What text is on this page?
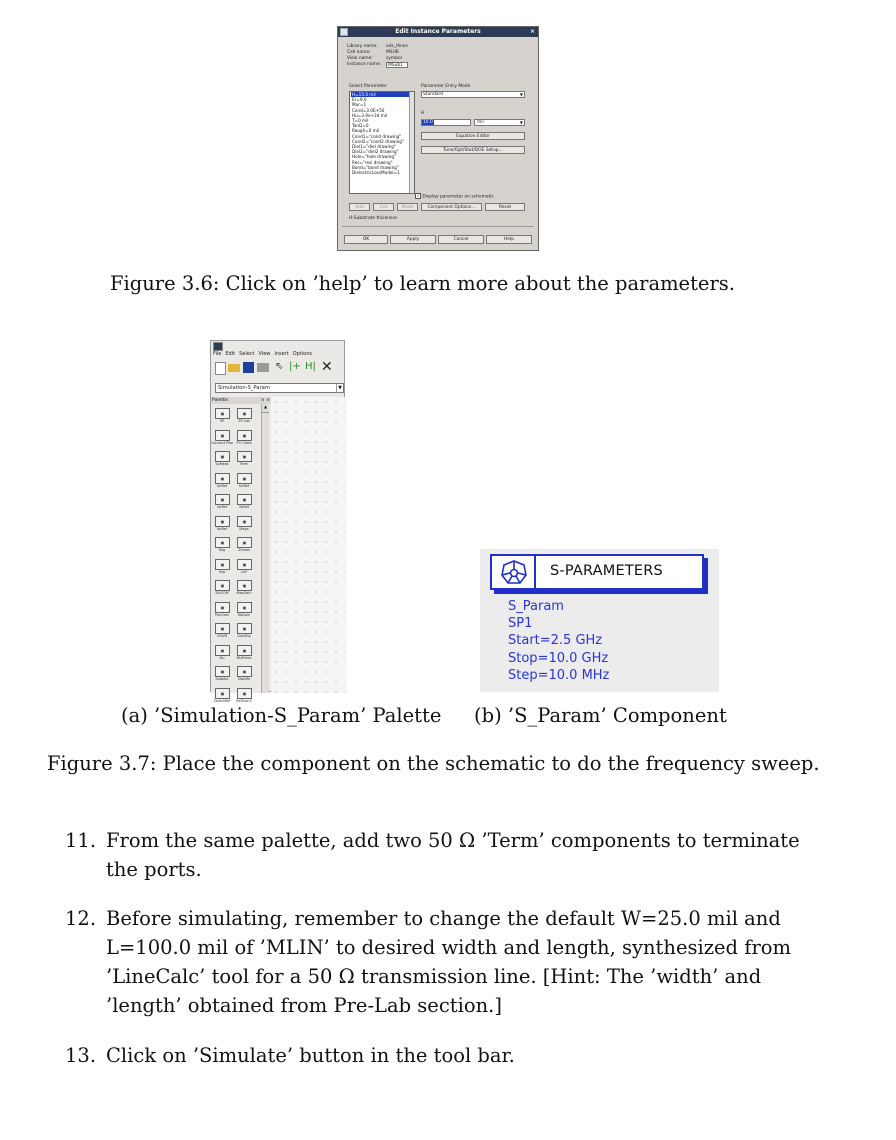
Edit Instance Parameters	×
Library name: ads_tlines
Cell name:	MSUB
View name:	symbol
Instance name:	MSub1
Select Parameter
H=15.0 mil
Er=9.0
Mur=1
Cond=3.0E+50
Hu=3.9e+34 mil
T=0 mil
TanD=0
Rough=0 mil
Cond1="cond drawing"
Cond2="cond2 drawing"
Diel1="diel drawing"
Diel2="diel2 drawing"
Hole="hole drawing"
Res="resi drawing"
Bond="bond drawing"
DielectricLossModel=1
Parameter Entry Mode
Standard	▼
H
10.0	mil	▼
Equation Editor
Tune/Opt/Stat/DOE Setup...
✓ Display parameter on schematic
Add	Cut	Paste	Component Options...	Reset
H:Substrate thickness
OK	Apply	Cancel	Help
Figure 3.6: Click on ’help’ to learn more about the parameters.
File Edit Select View Insert Options
⇖ |+ H| ✕
Simulation-S_Param	▼
Palette	× ×
▣
SP
▣
SP Lab
▣
Connect Plan
▣
P+I Data
▣
SpMeas
▣
Term
▣
SwRef
▣
SwRef
▣
SwRef
▣
SaRef
▣
NoRef
▣
Maga
▣
Reg
▣
Zmeas
▣
Imp
▣
CaP
▣
DHCOM
▣
MapGain
▣
PwrGain
▣
NsGain
▣
VSWR
▣
GainRip
▣
Mu
▣
MuPrime
▣
StabAct
▣
StabMs
▣
SwitchRef
▣
RefGain2
▲
S-PARAMETERS
S_Param
SP1
Start=2.5 GHz
Stop=10.0 GHz
Step=10.0 MHz
(a) ’Simulation-S_Param’ Palette (b) ’S_Param’ Component
Figure 3.7: Place the component on the schematic to do the frequency sweep.
11. From the same palette, add two 50 Ω ’Term’ components to terminate
the ports.
12. Before simulating, remember to change the default W=25.0 mil and
L=100.0 mil of ’MLIN’ to desired width and length, synthesized from
’LineCalc’ tool for a 50 Ω transmission line. [Hint: The ’width’ and
’length’ obtained from Pre-Lab section.]
13. Click on ’Simulate’ button in the tool bar.
